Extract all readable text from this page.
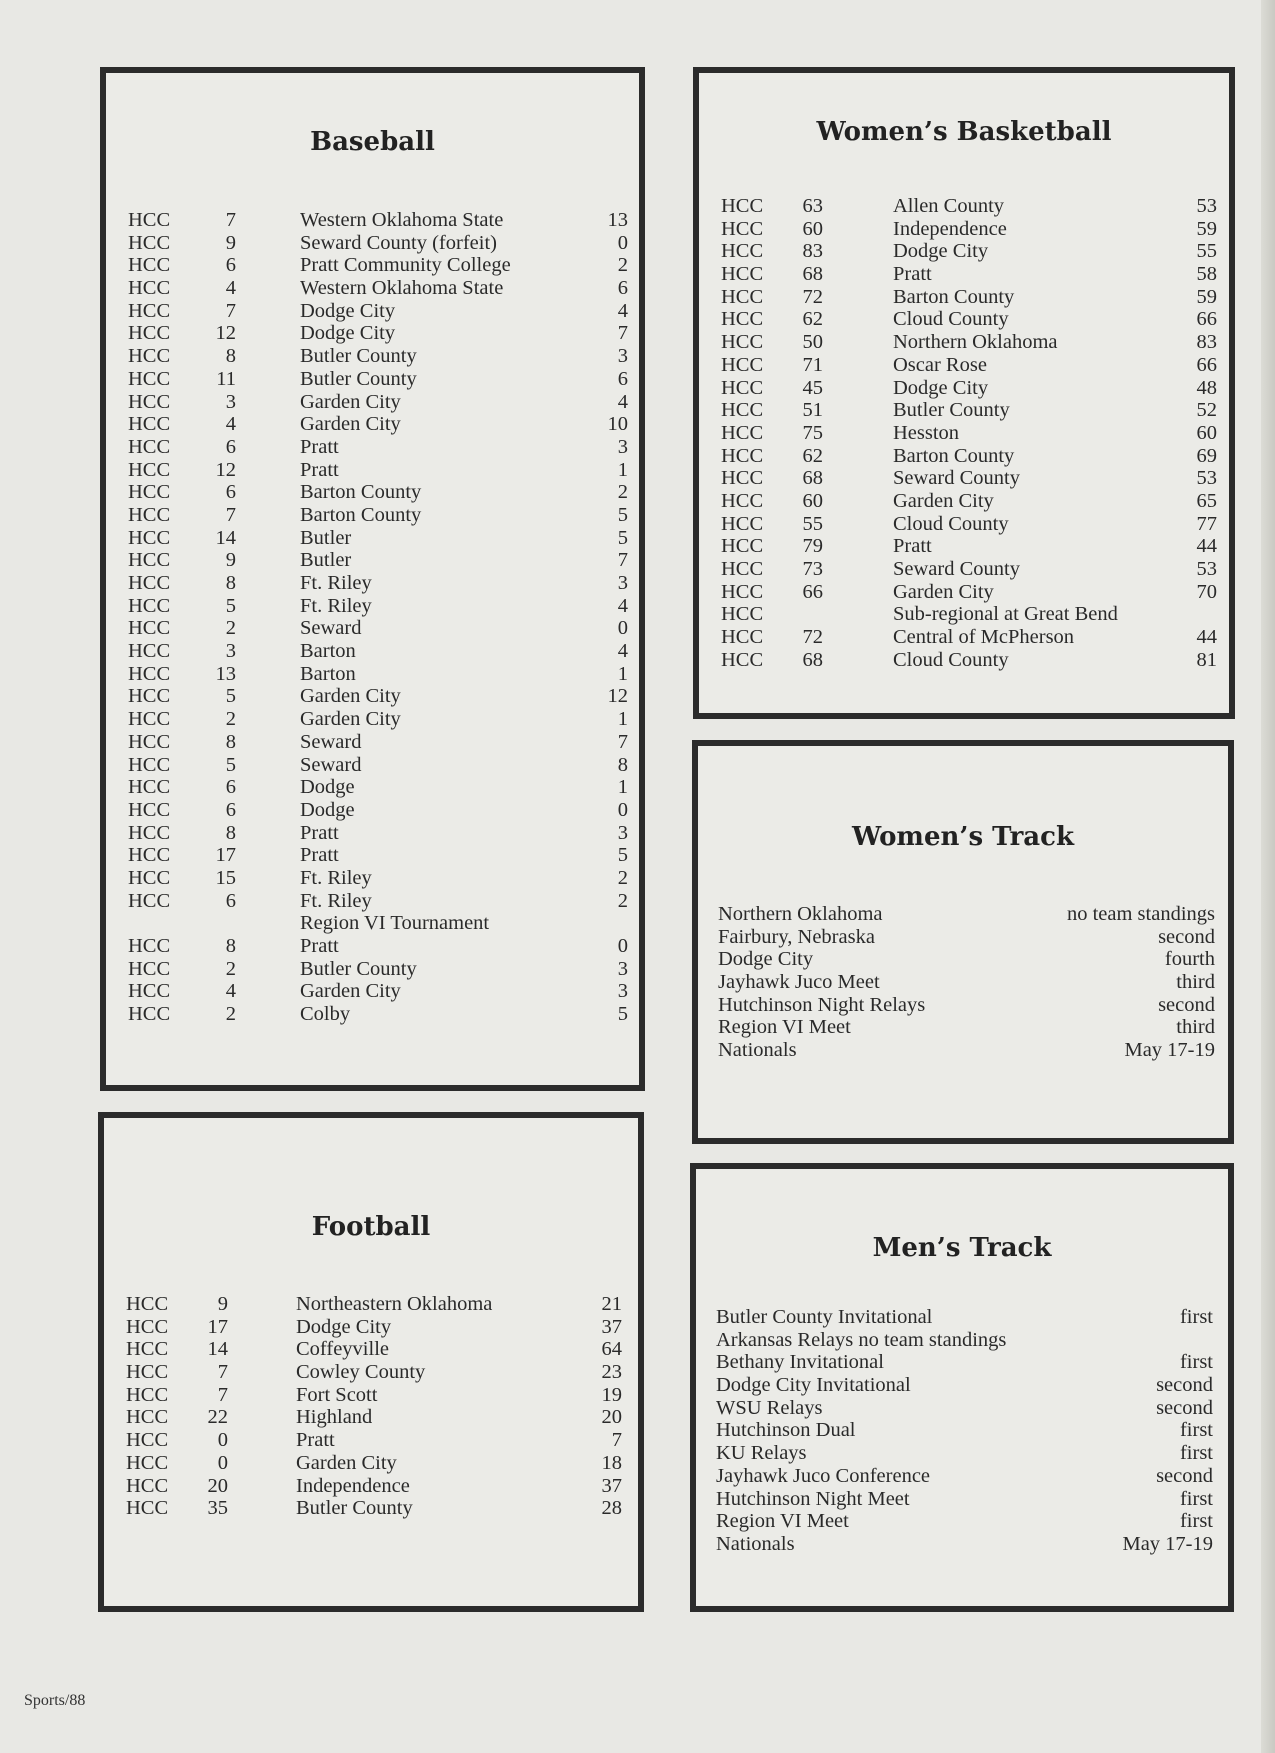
Baseball
HCC	7	Western Oklahoma State	13
HCC	9	Seward County (forfeit)	0
HCC	6	Pratt Community College	2
HCC	4	Western Oklahoma State	6
HCC	7	Dodge City	4
HCC	12	Dodge City	7
HCC	8	Butler County	3
HCC	11	Butler County	6
HCC	3	Garden City	4
HCC	4	Garden City	10
HCC	6	Pratt	3
HCC	12	Pratt	1
HCC	6	Barton County	2
HCC	7	Barton County	5
HCC	14	Butler	5
HCC	9	Butler	7
HCC	8	Ft. Riley	3
HCC	5	Ft. Riley	4
HCC	2	Seward	0
HCC	3	Barton	4
HCC	13	Barton	1
HCC	5	Garden City	12
HCC	2	Garden City	1
HCC	8	Seward	7
HCC	5	Seward	8
HCC	6	Dodge	1
HCC	6	Dodge	0
HCC	8	Pratt	3
HCC	17	Pratt	5
HCC	15	Ft. Riley	2
HCC	6	Ft. Riley	2
Region VI Tournament
HCC	8	Pratt	0
HCC	2	Butler County	3
HCC	4	Garden City	3
HCC	2	Colby	5
Women’s Basketball
HCC	63	Allen County	53
HCC	60	Independence	59
HCC	83	Dodge City	55
HCC	68	Pratt	58
HCC	72	Barton County	59
HCC	62	Cloud County	66
HCC	50	Northern Oklahoma	83
HCC	71	Oscar Rose	66
HCC	45	Dodge City	48
HCC	51	Butler County	52
HCC	75	Hesston	60
HCC	62	Barton County	69
HCC	68	Seward County	53
HCC	60	Garden City	65
HCC	55	Cloud County	77
HCC	79	Pratt	44
HCC	73	Seward County	53
HCC	66	Garden City	70
HCC	Sub-regional at Great Bend
HCC	72	Central of McPherson	44
HCC	68	Cloud County	81
Women’s Track
Northern Oklahoma	no team standings
Fairbury, Nebraska	second
Dodge City	fourth
Jayhawk Juco Meet	third
Hutchinson Night Relays	second
Region VI Meet	third
Nationals	May 17-19
Football
HCC	9	Northeastern Oklahoma	21
HCC	17	Dodge City	37
HCC	14	Coffeyville	64
HCC	7	Cowley County	23
HCC	7	Fort Scott	19
HCC	22	Highland	20
HCC	0	Pratt	7
HCC	0	Garden City	18
HCC	20	Independence	37
HCC	35	Butler County	28
Men’s Track
Butler County Invitational	first
Arkansas Relays no team standings
Bethany Invitational	first
Dodge City Invitational	second
WSU Relays	second
Hutchinson Dual	first
KU Relays	first
Jayhawk Juco Conference	second
Hutchinson Night Meet	first
Region VI Meet	first
Nationals	May 17-19
Sports/88
